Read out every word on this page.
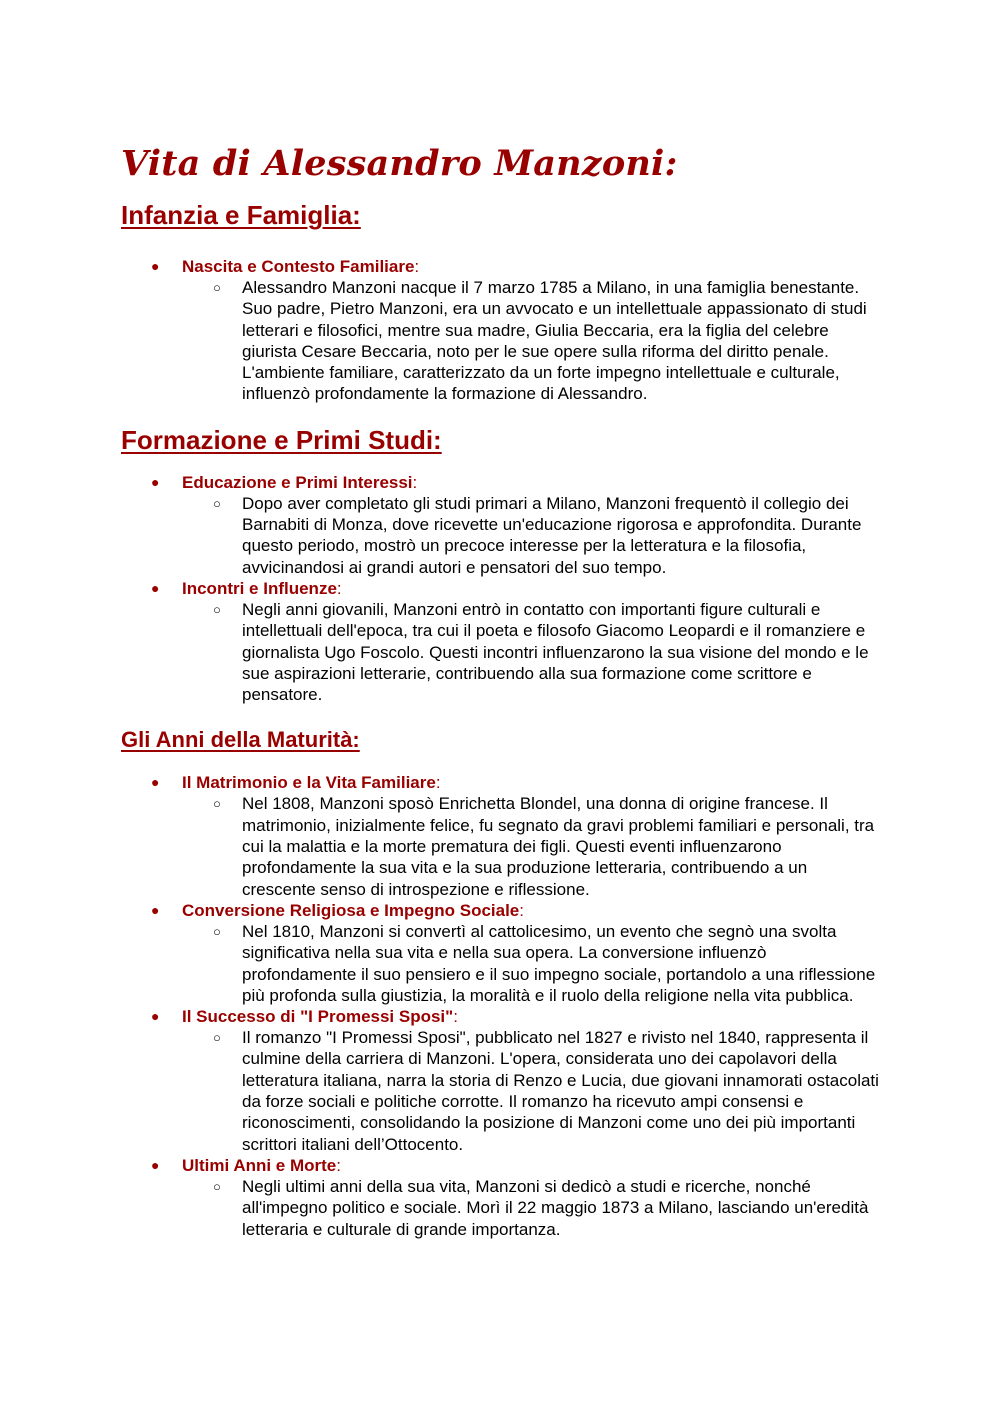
Vita di Alessandro Manzoni:
Infanzia e Famiglia:
● Nascita e Contesto Familiare:
○ Alessandro Manzoni nacque il 7 marzo 1785 a Milano, in una famiglia benestante. Suo padre, Pietro Manzoni, era un avvocato e un intellettuale appassionato di studi letterari e filosofici, mentre sua madre, Giulia Beccaria, era la figlia del celebre giurista Cesare Beccaria, noto per le sue opere sulla riforma del diritto penale. L'ambiente familiare, caratterizzato da un forte impegno intellettuale e culturale, influenzò profondamente la formazione di Alessandro.
Formazione e Primi Studi:
● Educazione e Primi Interessi:
○ Dopo aver completato gli studi primari a Milano, Manzoni frequentò il collegio dei Barnabiti di Monza, dove ricevette un'educazione rigorosa e approfondita. Durante questo periodo, mostrò un precoce interesse per la letteratura e la filosofia, avvicinandosi ai grandi autori e pensatori del suo tempo.
● Incontri e Influenze:
○ Negli anni giovanili, Manzoni entrò in contatto con importanti figure culturali e intellettuali dell'epoca, tra cui il poeta e filosofo Giacomo Leopardi e il romanziere e giornalista Ugo Foscolo. Questi incontri influenzarono la sua visione del mondo e le sue aspirazioni letterarie, contribuendo alla sua formazione come scrittore e pensatore.
Gli Anni della Maturità:
● Il Matrimonio e la Vita Familiare:
○ Nel 1808, Manzoni sposò Enrichetta Blondel, una donna di origine francese. Il matrimonio, inizialmente felice, fu segnato da gravi problemi familiari e personali, tra cui la malattia e la morte prematura dei figli. Questi eventi influenzarono profondamente la sua vita e la sua produzione letteraria, contribuendo a un crescente senso di introspezione e riflessione.
● Conversione Religiosa e Impegno Sociale:
○ Nel 1810, Manzoni si convertì al cattolicesimo, un evento che segnò una svolta significativa nella sua vita e nella sua opera. La conversione influenzò profondamente il suo pensiero e il suo impegno sociale, portandolo a una riflessione più profonda sulla giustizia, la moralità e il ruolo della religione nella vita pubblica.
● Il Successo di "I Promessi Sposi":
○ Il romanzo "I Promessi Sposi", pubblicato nel 1827 e rivisto nel 1840, rappresenta il culmine della carriera di Manzoni. L'opera, considerata uno dei capolavori della letteratura italiana, narra la storia di Renzo e Lucia, due giovani innamorati ostacolati da forze sociali e politiche corrotte. Il romanzo ha ricevuto ampi consensi e riconoscimenti, consolidando la posizione di Manzoni come uno dei più importanti scrittori italiani dell’Ottocento.
● Ultimi Anni e Morte:
○ Negli ultimi anni della sua vita, Manzoni si dedicò a studi e ricerche, nonché all'impegno politico e sociale. Morì il 22 maggio 1873 a Milano, lasciando un'eredità letteraria e culturale di grande importanza.
